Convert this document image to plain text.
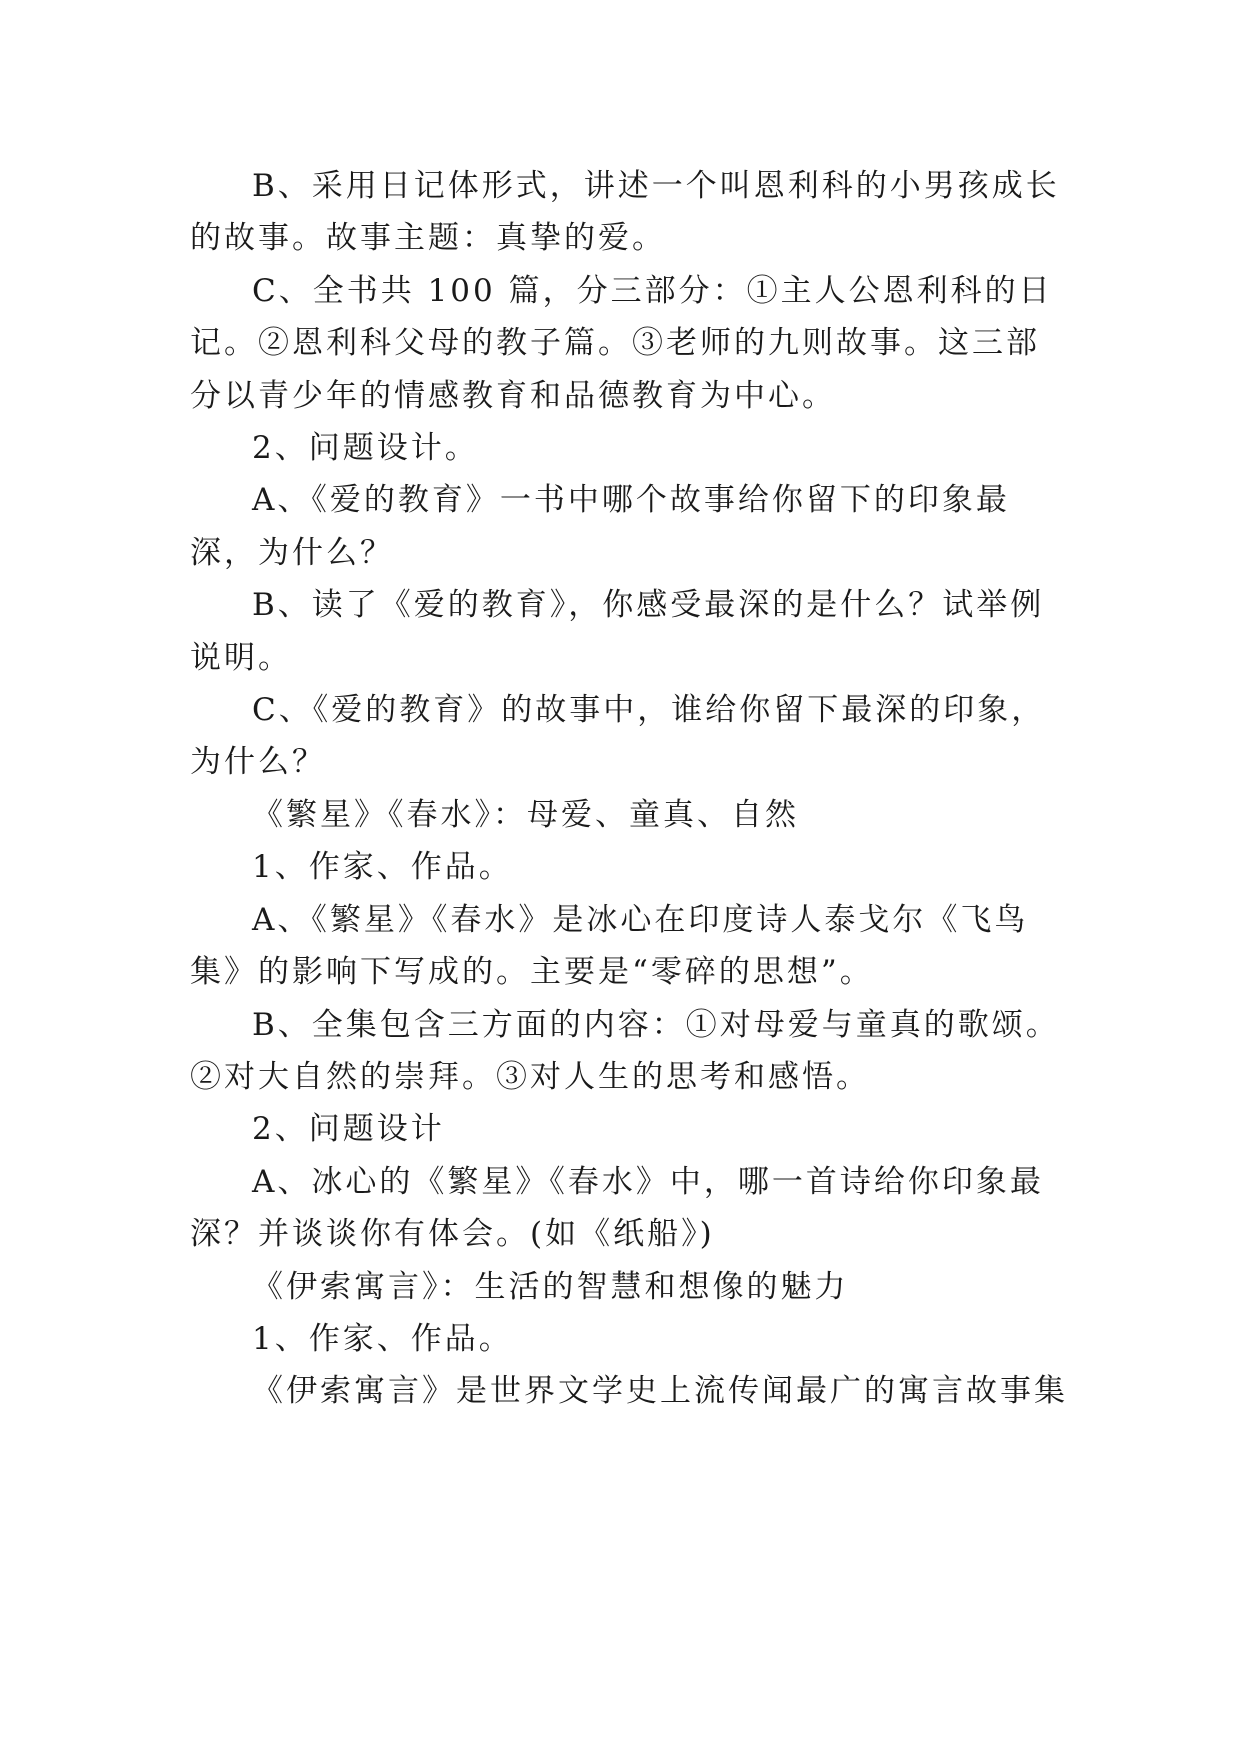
B、采用日记体形式，讲述一个叫恩利科的小男孩成长的故事。故事主题：真挚的爱。

C、全书共 100 篇，分三部分：①主人公恩利科的日记。②恩利科父母的教子篇。③老师的九则故事。这三部分以青少年的情感教育和品德教育为中心。

2、问题设计。

A、《爱的教育》一书中哪个故事给你留下的印象最深，为什么？

B、读了《爱的教育》，你感受最深的是什么？试举例说明。

C、《爱的教育》的故事中，谁给你留下最深的印象，为什么？

《繁星》《春水》：母爱、童真、自然

1、作家、作品。

A、《繁星》《春水》是冰心在印度诗人泰戈尔《飞鸟集》的影响下写成的。主要是“零碎的思想”。

B、全集包含三方面的内容：①对母爱与童真的歌颂。②对大自然的崇拜。③对人生的思考和感悟。

2、问题设计

A、冰心的《繁星》《春水》中，哪一首诗给你印象最深？并谈谈你有体会。(如《纸船》)

《伊索寓言》：生活的智慧和想像的魅力

1、作家、作品。

《伊索寓言》是世界文学史上流传闻最广的寓言故事集
